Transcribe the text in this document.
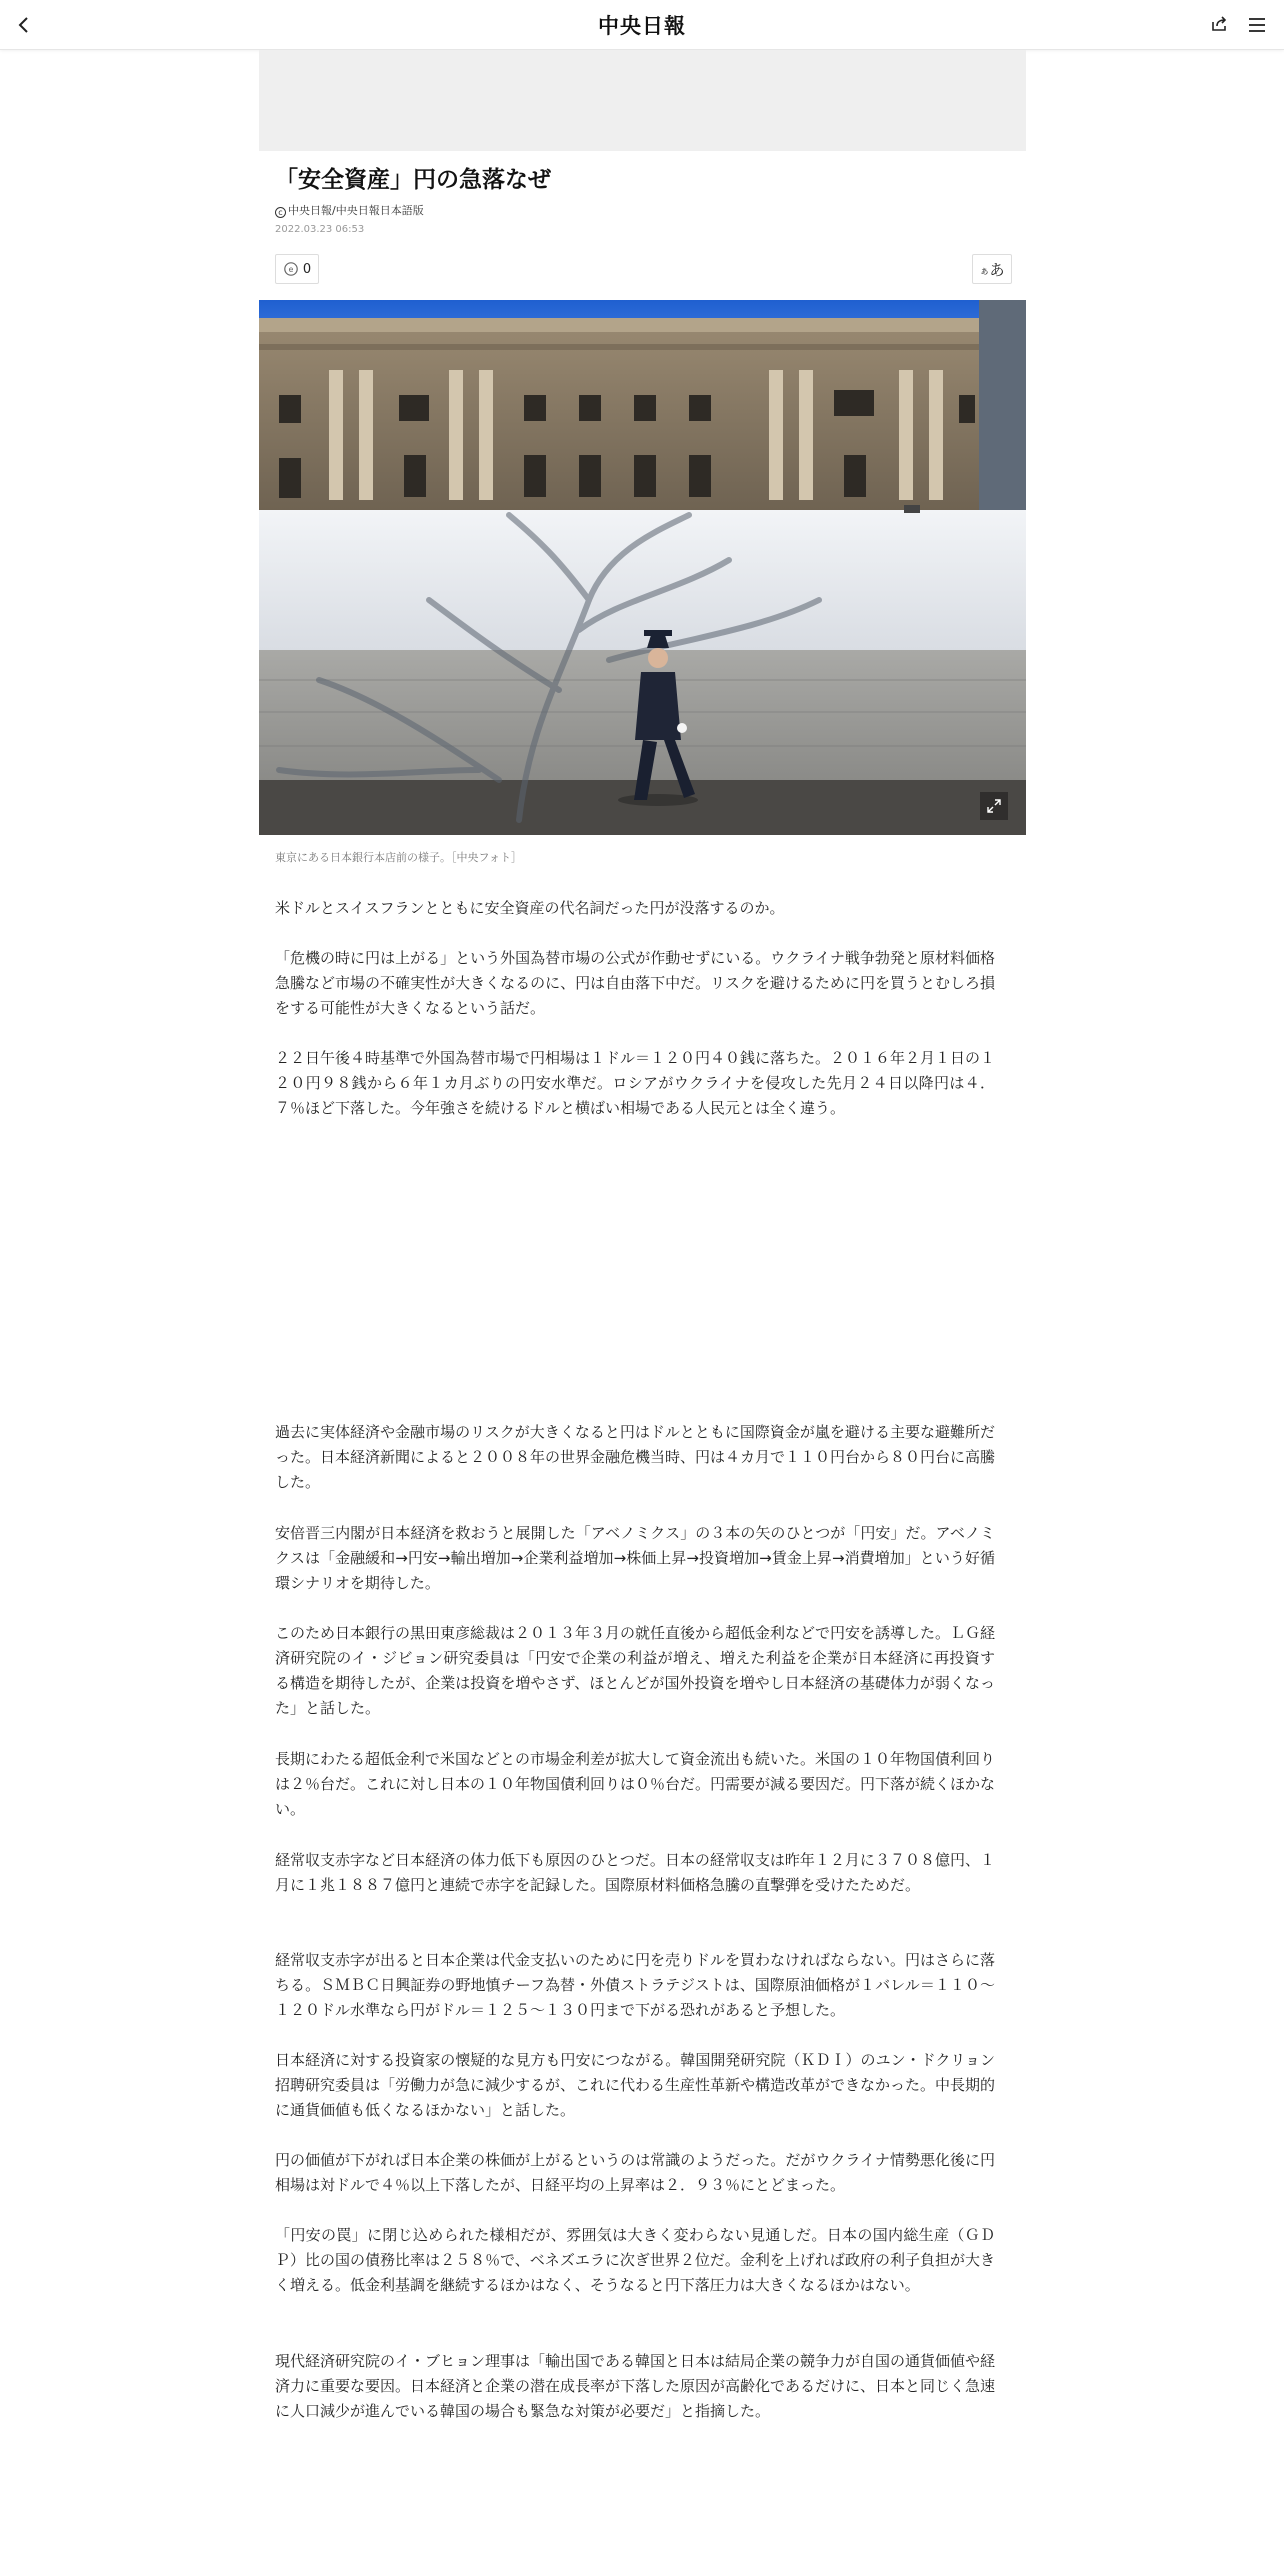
中央日報
「安全資産」円の急落なぜ
c 中央日報/中央日報日本語版
2022.03.23 06:53
e 0	ぁ あ
東京にある日本銀行本店前の様子。［中央フォト］

米ドルとスイスフランとともに安全資産の代名詞だった円が没落するのか。

「危機の時に円は上がる」という外国為替市場の公式が作動せずにいる。ウクライナ戦争勃発と原材料価格急騰など市場の不確実性が大きくなるのに、円は自由落下中だ。リスクを避けるために円を買うとむしろ損をする可能性が大きくなるという話だ。

２２日午後４時基準で外国為替市場で円相場は１ドル＝１２０円４０銭に落ちた。２０１６年２月１日の１２０円９８銭から６年１カ月ぶりの円安水準だ。ロシアがウクライナを侵攻した先月２４日以降円は４．７％ほど下落した。今年強さを続けるドルと横ばい相場である人民元とは全く違う。

過去に実体経済や金融市場のリスクが大きくなると円はドルとともに国際資金が嵐を避ける主要な避難所だった。日本経済新聞によると２００８年の世界金融危機当時、円は４カ月で１１０円台から８０円台に高騰した。

安倍晋三内閣が日本経済を救おうと展開した「アベノミクス」の３本の矢のひとつが「円安」だ。アベノミクスは「金融緩和→円安→輸出増加→企業利益増加→株価上昇→投資増加→賃金上昇→消費増加」という好循環シナリオを期待した。

このため日本銀行の黒田東彦総裁は２０１３年３月の就任直後から超低金利などで円安を誘導した。ＬＧ経済研究院のイ・ジビョン研究委員は「円安で企業の利益が増え、増えた利益を企業が日本経済に再投資する構造を期待したが、企業は投資を増やさず、ほとんどが国外投資を増やし日本経済の基礎体力が弱くなった」と話した。

長期にわたる超低金利で米国などとの市場金利差が拡大して資金流出も続いた。米国の１０年物国債利回りは２％台だ。これに対し日本の１０年物国債利回りは０％台だ。円需要が減る要因だ。円下落が続くほかない。

経常収支赤字など日本経済の体力低下も原因のひとつだ。日本の経常収支は昨年１２月に３７０８億円、１月に１兆１８８７億円と連続で赤字を記録した。国際原材料価格急騰の直撃弾を受けたためだ。

経常収支赤字が出ると日本企業は代金支払いのために円を売りドルを買わなければならない。円はさらに落ちる。ＳＭＢＣ日興証券の野地慎チーフ為替・外債ストラテジストは、国際原油価格が１バレル＝１１０～１２０ドル水準なら円がドル＝１２５～１３０円まで下がる恐れがあると予想した。

日本経済に対する投資家の懐疑的な見方も円安につながる。韓国開発研究院（ＫＤＩ）のユン・ドクリョン招聘研究委員は「労働力が急に減少するが、これに代わる生産性革新や構造改革ができなかった。中長期的に通貨価値も低くなるほかない」と話した。

円の価値が下がれば日本企業の株価が上がるというのは常識のようだった。だがウクライナ情勢悪化後に円相場は対ドルで４％以上下落したが、日経平均の上昇率は２．９３％にとどまった。

「円安の罠」に閉じ込められた様相だが、雰囲気は大きく変わらない見通しだ。日本の国内総生産（ＧＤＰ）比の国の債務比率は２５８％で、ベネズエラに次ぎ世界２位だ。金利を上げれば政府の利子負担が大きく増える。低金利基調を継続するほかはなく、そうなると円下落圧力は大きくなるほかはない。

現代経済研究院のイ・ブヒョン理事は「輸出国である韓国と日本は結局企業の競争力が自国の通貨価値や経済力に重要な要因。日本経済と企業の潜在成長率が下落した原因が高齢化であるだけに、日本と同じく急速に人口減少が進んでいる韓国の場合も緊急な対策が必要だ」と指摘した。
